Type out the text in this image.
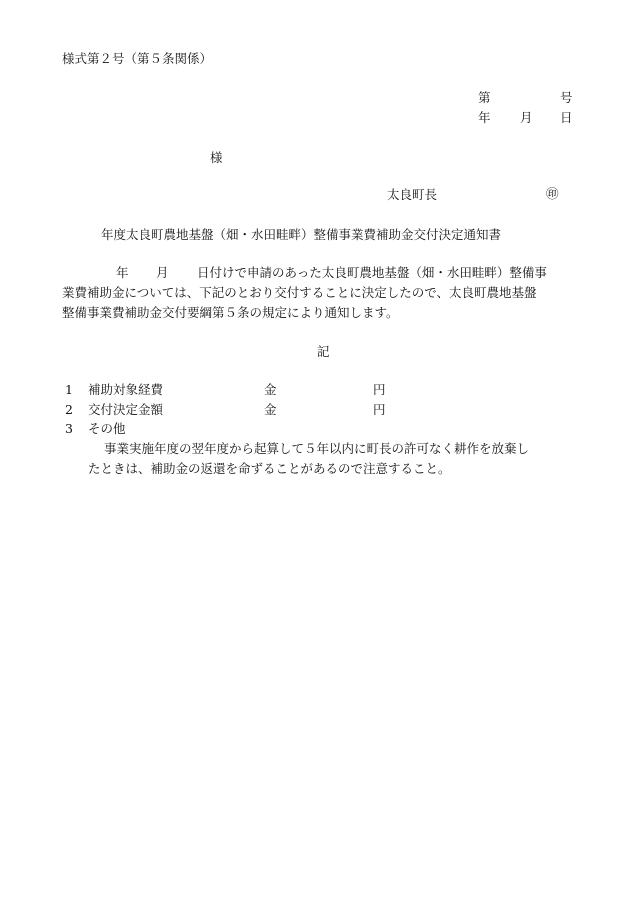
様式第２号（第５条関係）
第	号
年 月 日
様
太良町長	㊞
年度太良町農地基盤（畑・水田畦畔）整備事業費補助金交付決定通知書
年 月 日付けで申請のあった太良町農地基盤（畑・水田畦畔）整備事
業費補助金については、下記のとおり交付することに決定したので、太良町農地基盤
整備事業費補助金交付要綱第５条の規定により通知します。
記
1 補助対象経費	金	円
2 交付決定金額	金	円
3 その他
事業実施年度の翌年度から起算して５年以内に町長の許可なく耕作を放棄し
たときは、補助金の返還を命ずることがあるので注意すること。
